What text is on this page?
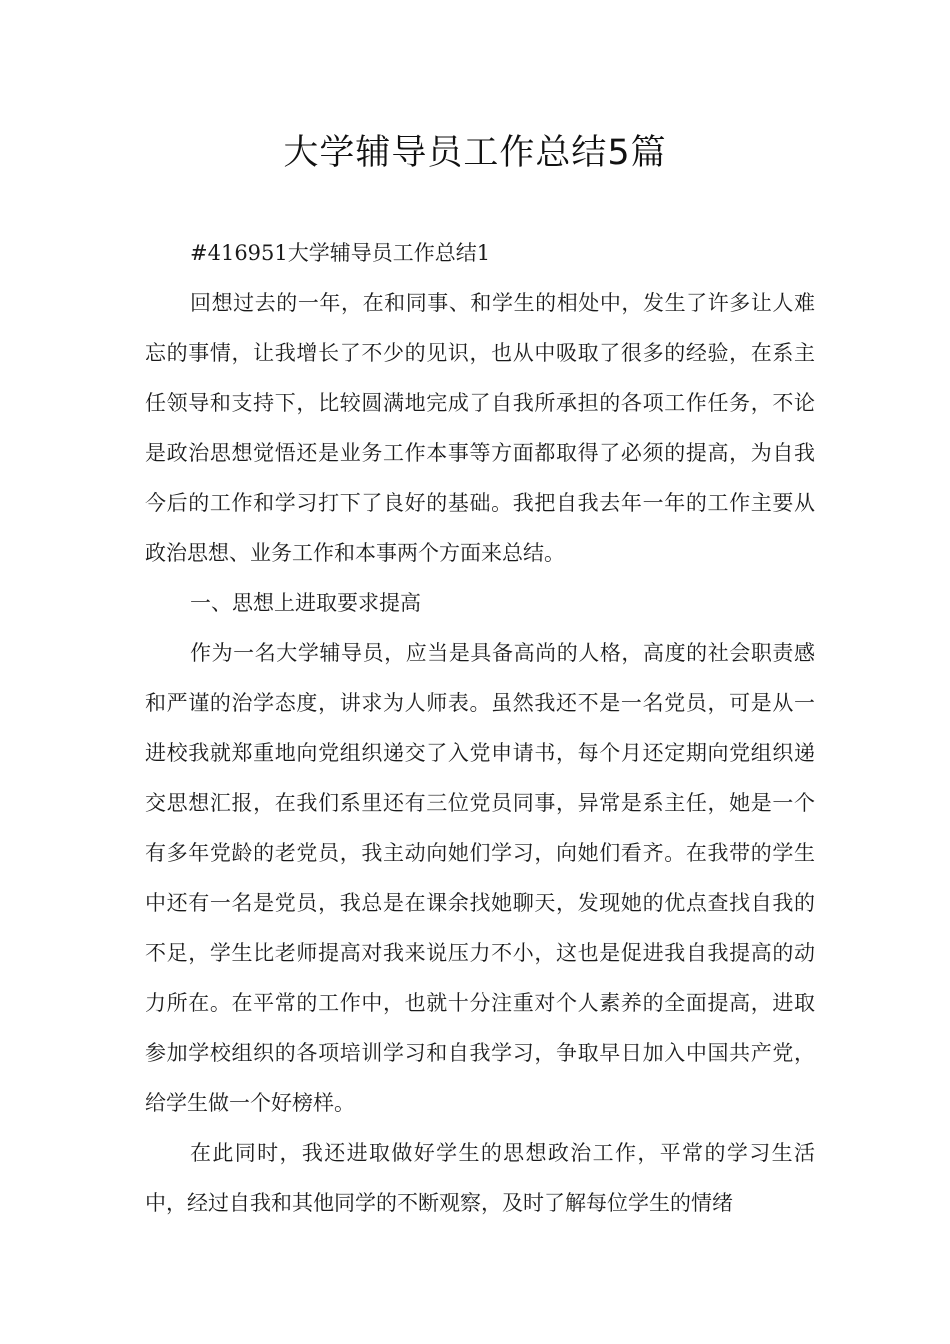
大学辅导员工作总结5篇

#416951大学辅导员工作总结1

回想过去的一年，在和同事、和学生的相处中，发生了许多让人难忘的事情，让我增长了不少的见识，也从中吸取了很多的经验，在系主任领导和支持下，比较圆满地完成了自我所承担的各项工作任务，不论是政治思想觉悟还是业务工作本事等方面都取得了必须的提高，为自我今后的工作和学习打下了良好的基础。我把自我去年一年的工作主要从政治思想、业务工作和本事两个方面来总结。

一、思想上进取要求提高

作为一名大学辅导员，应当是具备高尚的人格，高度的社会职责感和严谨的治学态度，讲求为人师表。虽然我还不是一名党员，可是从一进校我就郑重地向党组织递交了入党申请书，每个月还定期向党组织递交思想汇报，在我们系里还有三位党员同事，异常是系主任，她是一个有多年党龄的老党员，我主动向她们学习，向她们看齐。在我带的学生中还有一名是党员，我总是在课余找她聊天，发现她的优点查找自我的不足，学生比老师提高对我来说压力不小，这也是促进我自我提高的动力所在。在平常的工作中，也就十分注重对个人素养的全面提高，进取参加学校组织的各项培训学习和自我学习，争取早日加入中国共产党，给学生做一个好榜样。

在此同时，我还进取做好学生的思想政治工作，平常的学习生活中，经过自我和其他同学的不断观察，及时了解每位学生的情绪
